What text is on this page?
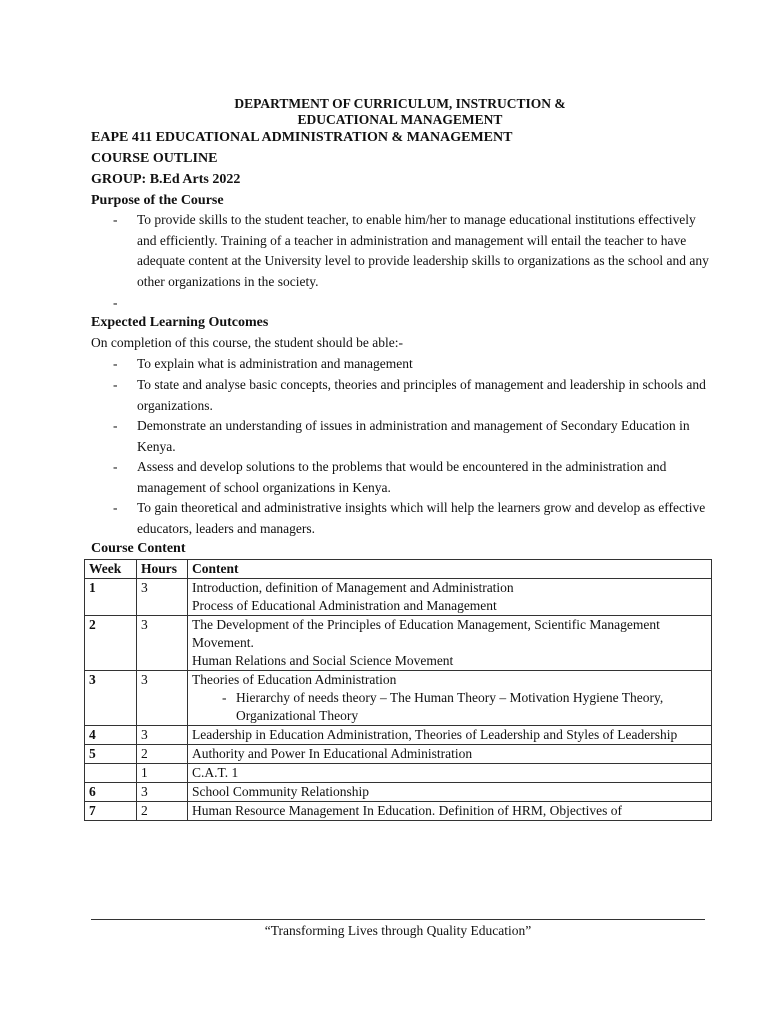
DEPARTMENT OF CURRICULUM, INSTRUCTION &
EDUCATIONAL MANAGEMENT
EAPE 411 EDUCATIONAL ADMINISTRATION & MANAGEMENT
COURSE OUTLINE
GROUP: B.Ed Arts 2022
Purpose of the Course
- To provide skills to the student teacher, to enable him/her to manage educational institutions effectively and efficiently. Training of a teacher in administration and management will entail the teacher to have adequate content at the University level to provide leadership skills to organizations as the school and any other organizations in the society.
-
Expected Learning Outcomes
On completion of this course, the student should be able:-
- To explain what is administration and management
- To state and analyse basic concepts, theories and principles of management and leadership in schools and organizations.
- Demonstrate an understanding of issues in administration and management of Secondary Education in Kenya.
- Assess and develop solutions to the problems that would be encountered in the administration and management of school organizations in Kenya.
- To gain theoretical and administrative insights which will help the learners grow and develop as effective educators, leaders and managers.
Course Content
Week	Hours	Content
1	3	Introduction, definition of Management and Administration
Process of Educational Administration and Management

2	3	The Development of the Principles of Education Management, Scientific Management Movement.
Human Relations and Social Science Movement

3	3	Theories of Education Administration
- Hierarchy of needs theory – The Human Theory – Motivation Hygiene Theory, Organizational Theory

4	3	Leadership in Education Administration, Theories of Leadership and Styles of Leadership

5	2	Authority and Power In Educational Administration

	1	C.A.T. 1

6	3	School Community Relationship

7	2	Human Resource Management In Education. Definition of HRM, Objectives of
“Transforming Lives through Quality Education”
